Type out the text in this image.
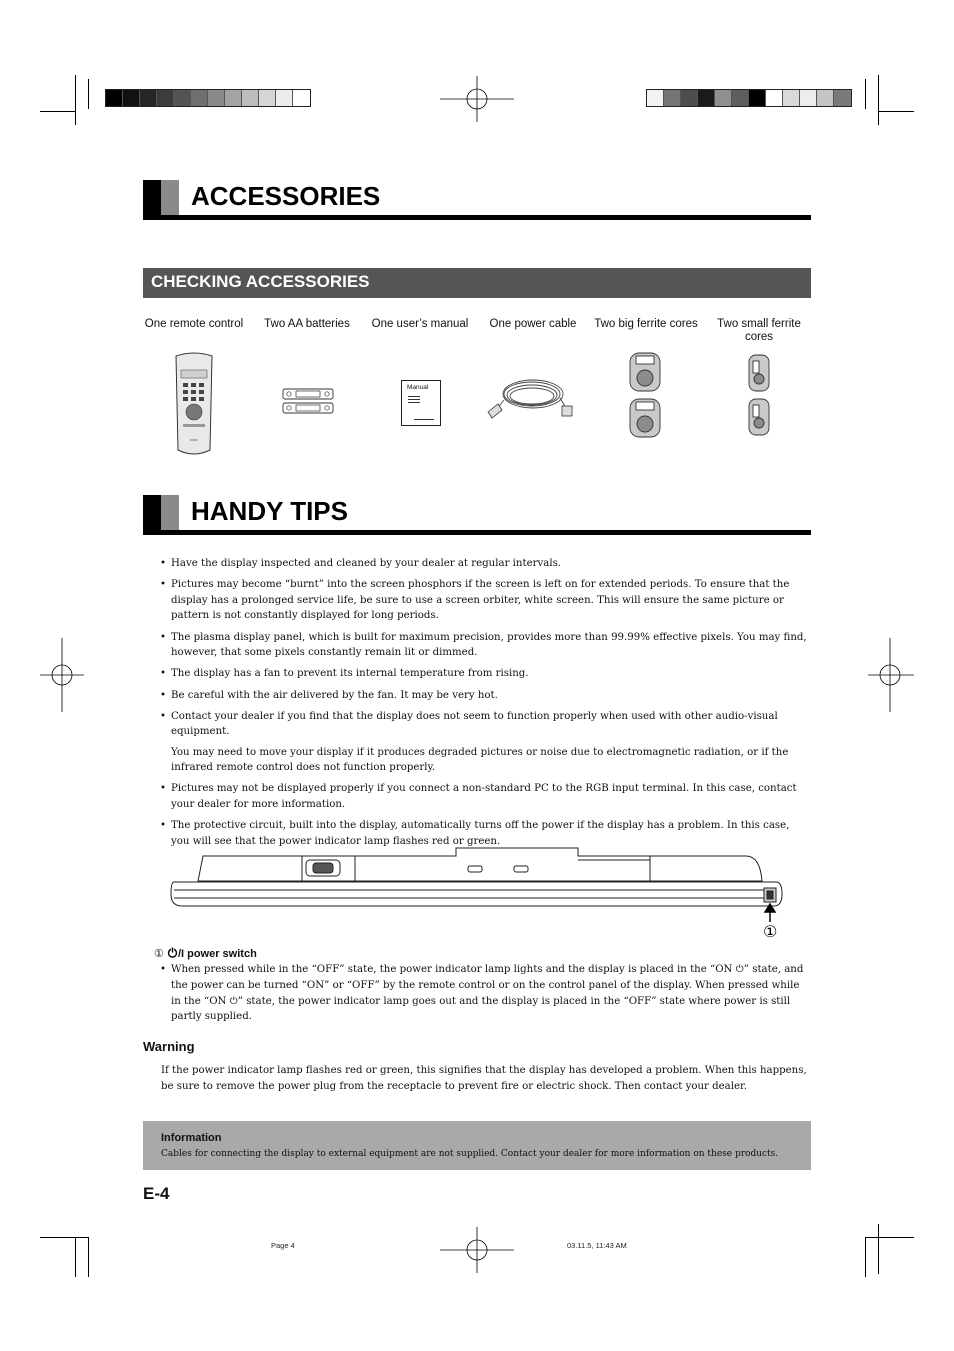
ACCESSORIES
CHECKING ACCESSORIES
One remote control	Two AA batteries	One user’s manual	One power cable	Two big ferrite cores	Two small ferrite cores
Manual
HANDY TIPS
• Have the display inspected and cleaned by your dealer at regular intervals.
• Pictures may become “burnt” into the screen phosphors if the screen is left on for extended periods. To ensure that the display has a prolonged service life, be sure to use a screen orbiter, white screen. This will ensure the same picture or pattern is not constantly displayed for long periods.
• The plasma display panel, which is built for maximum precision, provides more than 99.99% effective pixels. You may find, however, that some pixels constantly remain lit or dimmed.
• The display has a fan to prevent its internal temperature from rising.
• Be careful with the air delivered by the fan. It may be very hot.
• Contact your dealer if you find that the display does not seem to function properly when used with other audio-visual equipment.
You may need to move your display if it produces degraded pictures or noise due to electromagnetic radiation, or if the infrared remote control does not function properly.
• Pictures may not be displayed properly if you connect a non-standard PC to the RGB input terminal. In this case, contact your dealer for more information.
• The protective circuit, built into the display, automatically turns off the power if the display has a problem. In this case, you will see that the power indicator lamp flashes red or green.
①
① /I power switch
• When pressed while in the “OFF” state, the power indicator lamp lights and the display is placed in the “ON ⏻” state, and the power can be turned “ON” or “OFF” by the remote control or on the control panel of the display. When pressed while in the “ON ⏻” state, the power indicator lamp goes out and the display is placed in the “OFF” state where power is still partly supplied.
Warning
If the power indicator lamp flashes red or green, this signifies that the display has developed a problem. When this happens, be sure to remove the power plug from the receptacle to prevent fire or electric shock. Then contact your dealer.
Information
Cables for connecting the display to external equipment are not supplied. Contact your dealer for more information on these products.
E-4
Page 4	03.11.5, 11:43 AM
